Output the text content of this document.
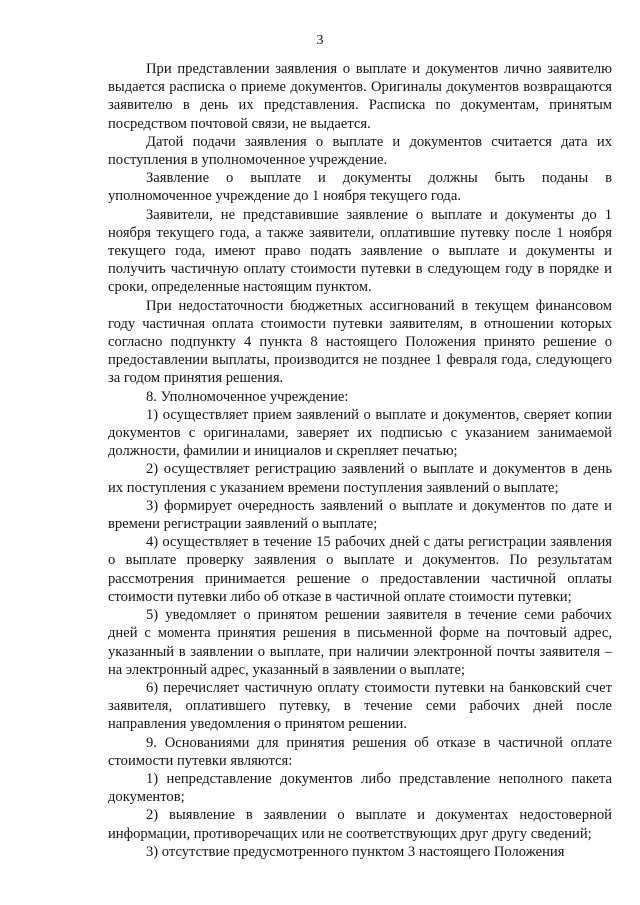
3

При представлении заявления о выплате и документов лично заявителю выдается расписка о приеме документов. Оригиналы документов возвращаются заявителю в день их представления. Расписка по документам, принятым посредством почтовой связи, не выдается.

Датой подачи заявления о выплате и документов считается дата их поступления в уполномоченное учреждение.

Заявление о выплате и документы должны быть поданы в уполномоченное учреждение до 1 ноября текущего года.

Заявители, не представившие заявление о выплате и документы до 1 ноября текущего года, а также заявители, оплатившие путевку после 1 ноября текущего года, имеют право подать заявление о выплате и документы и получить частичную оплату стоимости путевки в следующем году в порядке и сроки, определенные настоящим пунктом.

При недостаточности бюджетных ассигнований в текущем финансовом году частичная оплата стоимости путевки заявителям, в отношении которых согласно подпункту 4 пункта 8 настоящего Положения принято решение о предоставлении выплаты, производится не позднее 1 февраля года, следующего за годом принятия решения.

8. Уполномоченное учреждение:

1) осуществляет прием заявлений о выплате и документов, сверяет копии документов с оригиналами, заверяет их подписью с указанием занимаемой должности, фамилии и инициалов и скрепляет печатью;

2) осуществляет регистрацию заявлений о выплате и документов в день их поступления с указанием времени поступления заявлений о выплате;

3) формирует очередность заявлений о выплате и документов по дате и времени регистрации заявлений о выплате;

4) осуществляет в течение 15 рабочих дней с даты регистрации заявления о выплате проверку заявления о выплате и документов. По результатам рассмотрения принимается решение о предоставлении частичной оплаты стоимости путевки либо об отказе в частичной оплате стоимости путевки;

5) уведомляет о принятом решении заявителя в течение семи рабочих дней с момента принятия решения в письменной форме на почтовый адрес, указанный в заявлении о выплате, при наличии электронной почты заявителя – на электронный адрес, указанный в заявлении о выплате;

6) перечисляет частичную оплату стоимости путевки на банковский счет заявителя, оплатившего путевку, в течение семи рабочих дней после направления уведомления о принятом решении.

9. Основаниями для принятия решения об отказе в частичной оплате стоимости путевки являются:

1) непредставление документов либо представление неполного пакета документов;

2) выявление в заявлении о выплате и документах недостоверной информации, противоречащих или не соответствующих друг другу сведений;

3) отсутствие предусмотренного пунктом 3 настоящего Положения
